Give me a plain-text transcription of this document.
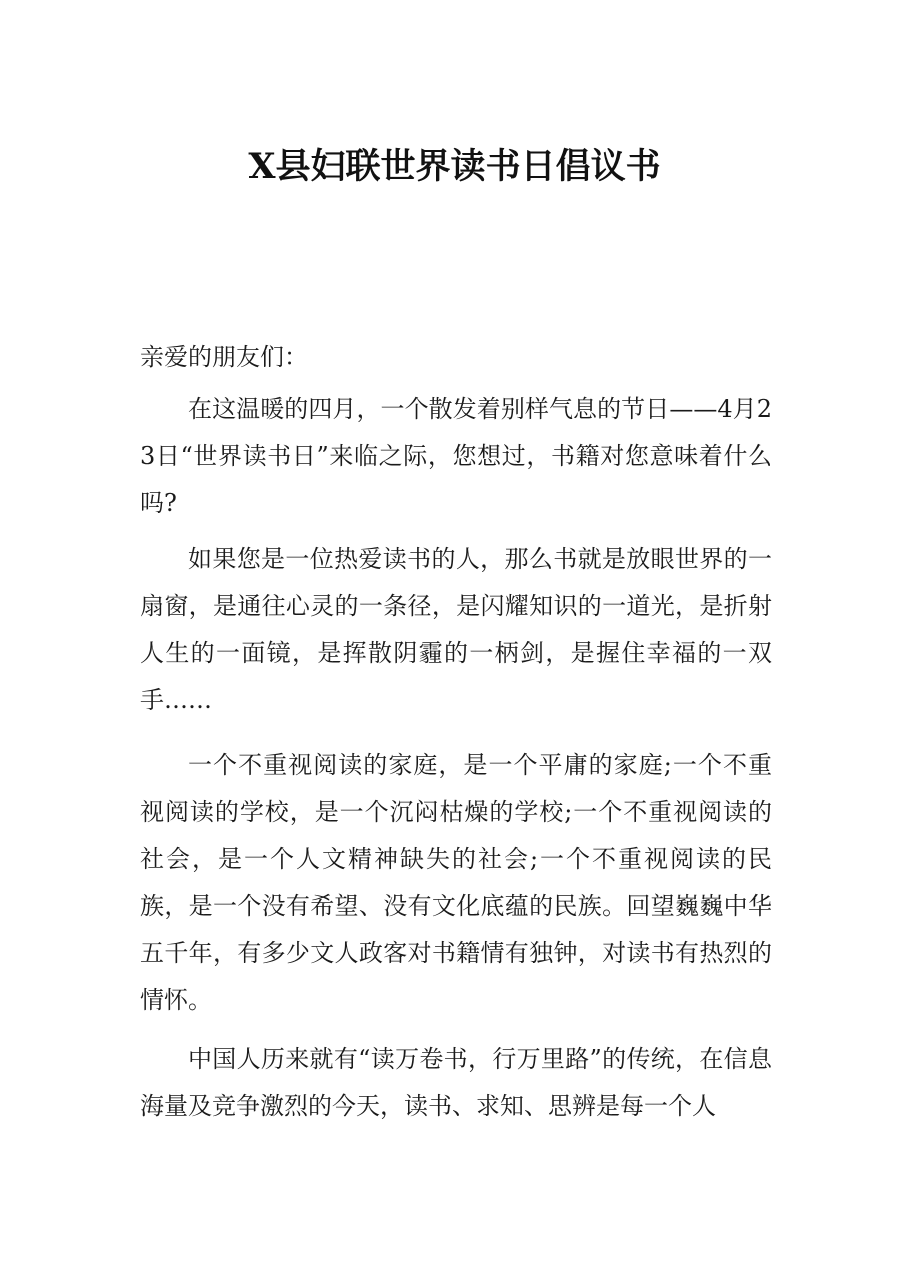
X县妇联世界读书日倡议书

亲爱的朋友们：

在这温暖的四月，一个散发着别样气息的节日——4月23日“世界读书日”来临之际，您想过，书籍对您意味着什么吗?

如果您是一位热爱读书的人，那么书就是放眼世界的一扇窗，是通往心灵的一条径，是闪耀知识的一道光，是折射人生的一面镜，是挥散阴霾的一柄剑，是握住幸福的一双手……

一个不重视阅读的家庭，是一个平庸的家庭;一个不重视阅读的学校，是一个沉闷枯燥的学校;一个不重视阅读的社会，是一个人文精神缺失的社会;一个不重视阅读的民族，是一个没有希望、没有文化底蕴的民族。回望巍巍中华五千年，有多少文人政客对书籍情有独钟，对读书有热烈的情怀。

中国人历来就有“读万卷书，行万里路”的传统，在信息海量及竞争激烈的今天，读书、求知、思辨是每一个人
